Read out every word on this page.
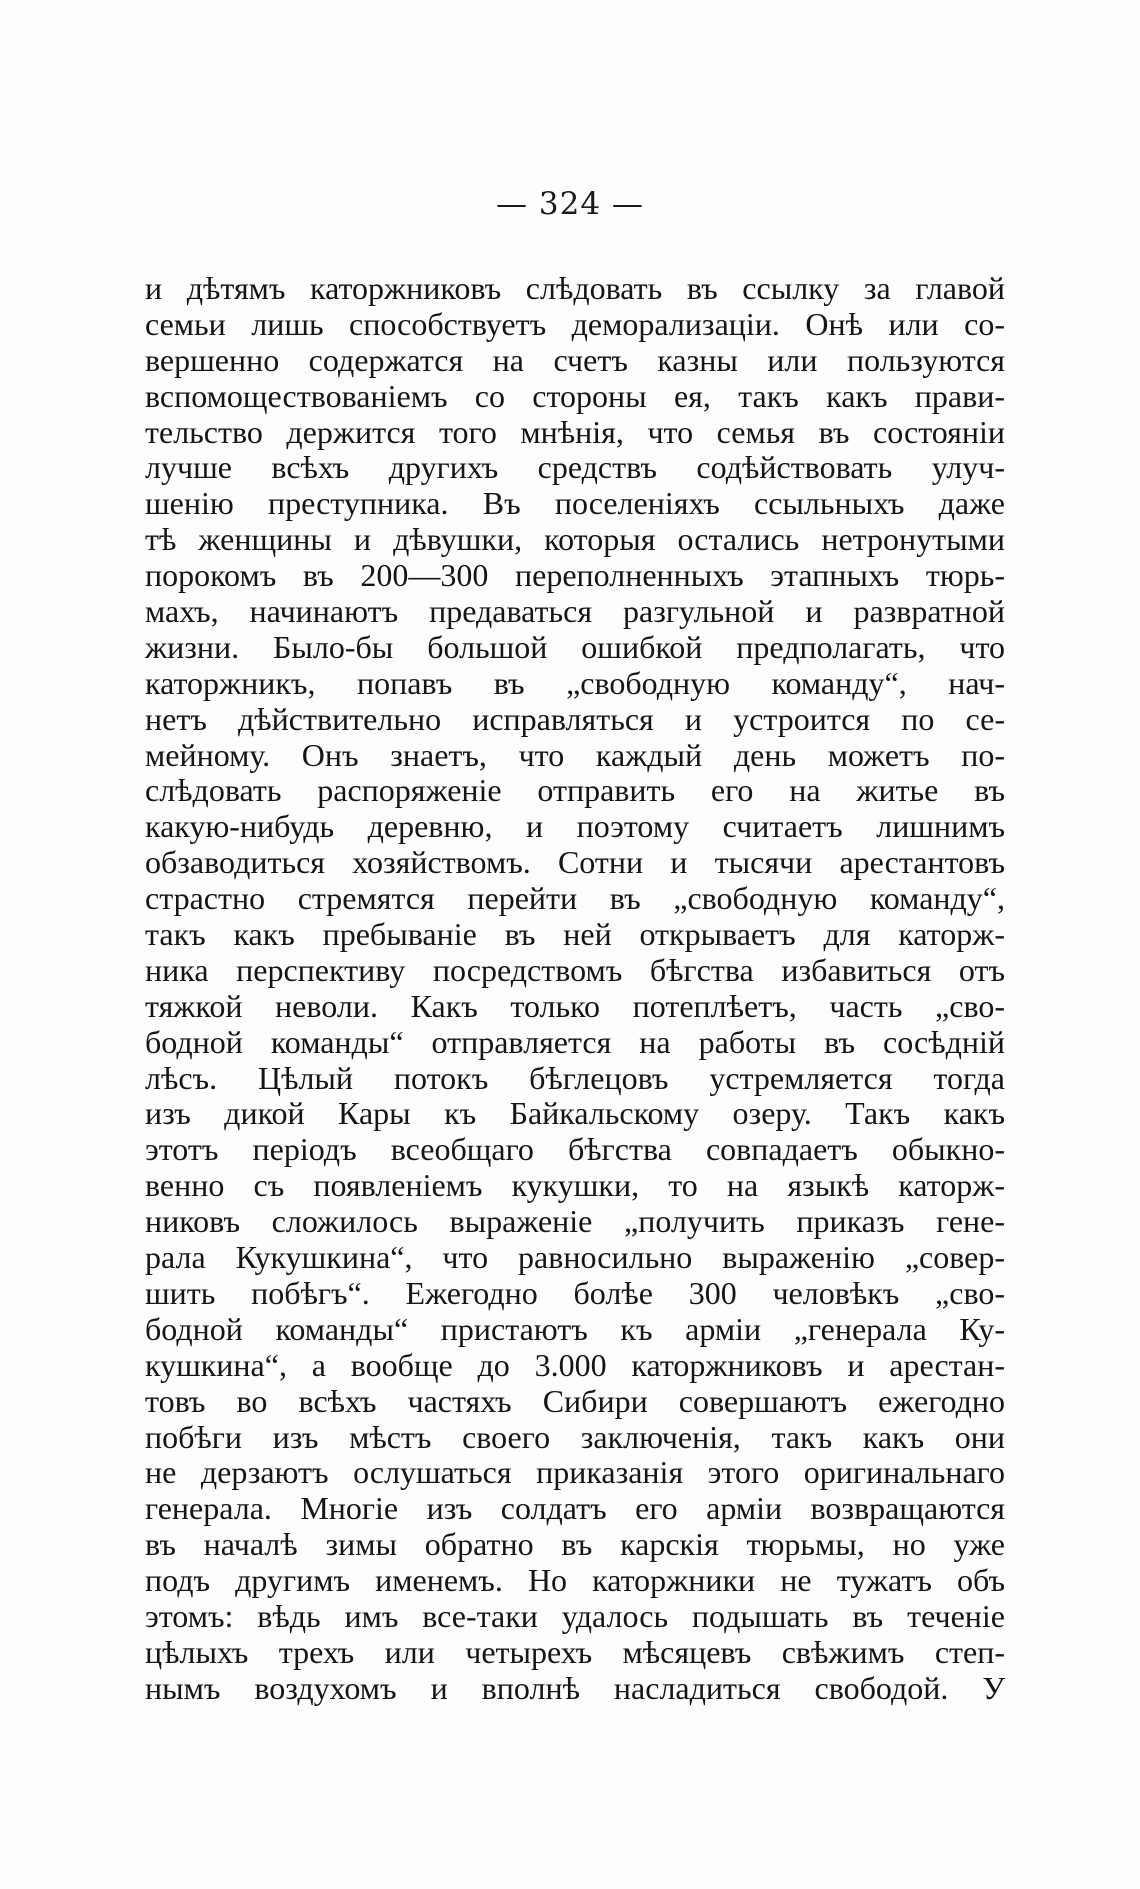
— 324 —
и дѣтямъ каторжниковъ слѣдовать въ ссылку за главой
семьи лишь способствуетъ деморализаціи. Онѣ или со-
вершенно содержатся на счетъ казны или пользуются
вспомоществованіемъ со стороны ея, такъ какъ прави-
тельство держится того мнѣнія, что семья въ состояніи
лучше всѣхъ другихъ средствъ содѣйствовать улуч-
шенію преступника. Въ поселеніяхъ ссыльныхъ даже
тѣ женщины и дѣвушки, которыя остались нетронутыми
порокомъ въ 200—300 переполненныхъ этапныхъ тюрь-
махъ, начинаютъ предаваться разгульной и развратной
жизни. Было-бы большой ошибкой предполагать, что
каторжникъ, попавъ въ „свободную команду“, нач-
нетъ дѣйствительно исправляться и устроится по се-
мейному. Онъ знаетъ, что каждый день можетъ по-
слѣдовать распоряженіе отправить его на житье въ
какую-нибудь деревню, и поэтому считаетъ лишнимъ
обзаводиться хозяйствомъ. Сотни и тысячи арестантовъ
страстно стремятся перейти въ „свободную команду“,
такъ какъ пребываніе въ ней открываетъ для каторж-
ника перспективу посредствомъ бѣгства избавиться отъ
тяжкой неволи. Какъ только потеплѣетъ, часть „сво-
бодной команды“ отправляется на работы въ сосѣдній
лѣсъ. Цѣлый потокъ бѣглецовъ устремляется тогда
изъ дикой Кары къ Байкальскому озеру. Такъ какъ
этотъ періодъ всеобщаго бѣгства совпадаетъ обыкно-
венно съ появленіемъ кукушки, то на языкѣ каторж-
никовъ сложилось выраженіе „получить приказъ гене-
рала Кукушкина“, что равносильно выраженію „совер-
шить побѣгъ“. Ежегодно болѣе 300 человѣкъ „сво-
бодной команды“ пристаютъ къ арміи „генерала Ку-
кушкина“, а вообще до 3.000 каторжниковъ и арестан-
товъ во всѣхъ частяхъ Сибири совершаютъ ежегодно
побѣги изъ мѣстъ своего заключенія, такъ какъ они
не дерзаютъ ослушаться приказанія этого оригинальнаго
генерала. Многіе изъ солдатъ его арміи возвращаются
въ началѣ зимы обратно въ карскія тюрьмы, но уже
подъ другимъ именемъ. Но каторжники не тужатъ объ
этомъ: вѣдь имъ все-таки удалось подышать въ теченіе
цѣлыхъ трехъ или четырехъ мѣсяцевъ свѣжимъ степ-
нымъ воздухомъ и вполнѣ насладиться свободой. У
